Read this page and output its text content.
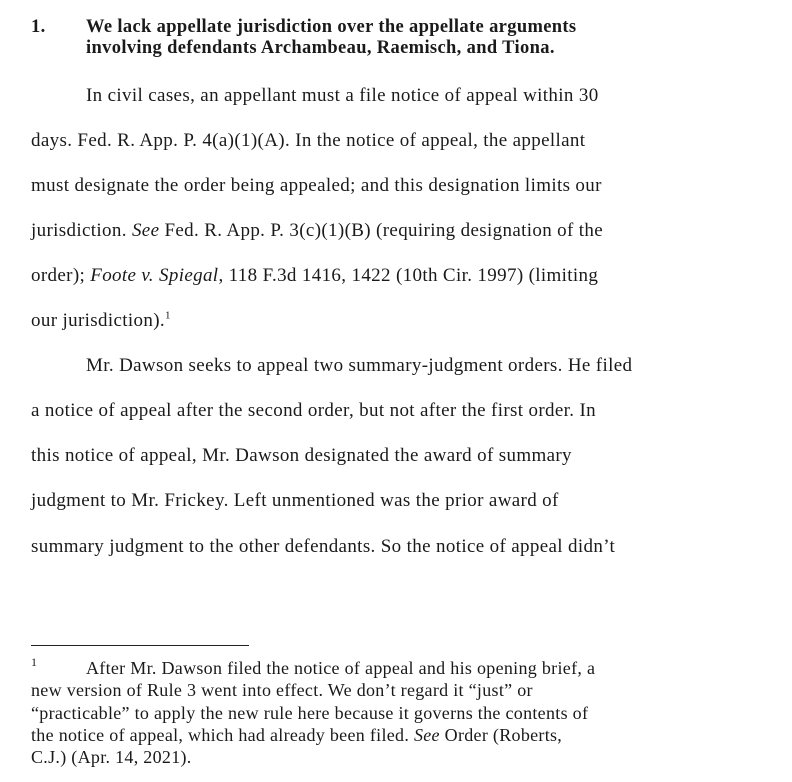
1. We lack appellate jurisdiction over the appellate arguments
involving defendants Archambeau, Raemisch, and Tiona.
In civil cases, an appellant must a file notice of appeal within 30
days. Fed. R. App. P. 4(a)(1)(A). In the notice of appeal, the appellant
must designate the order being appealed; and this designation limits our
jurisdiction. See Fed. R. App. P. 3(c)(1)(B) (requiring designation of the
order); Foote v. Spiegal, 118 F.3d 1416, 1422 (10th Cir. 1997) (limiting
our jurisdiction).$^1$
Mr. Dawson seeks to appeal two summary-judgment orders. He filed
a notice of appeal after the second order, but not after the first order. In
this notice of appeal, Mr. Dawson designated the award of summary
judgment to Mr. Frickey. Left unmentioned was the prior award of
summary judgment to the other defendants. So the notice of appeal didn’t
1	After Mr. Dawson filed the notice of appeal and his opening brief, a
new version of Rule 3 went into effect. We don’t regard it “just” or
“practicable” to apply the new rule here because it governs the contents of
the notice of appeal, which had already been filed. See Order (Roberts,
C.J.) (Apr. 14, 2021).
